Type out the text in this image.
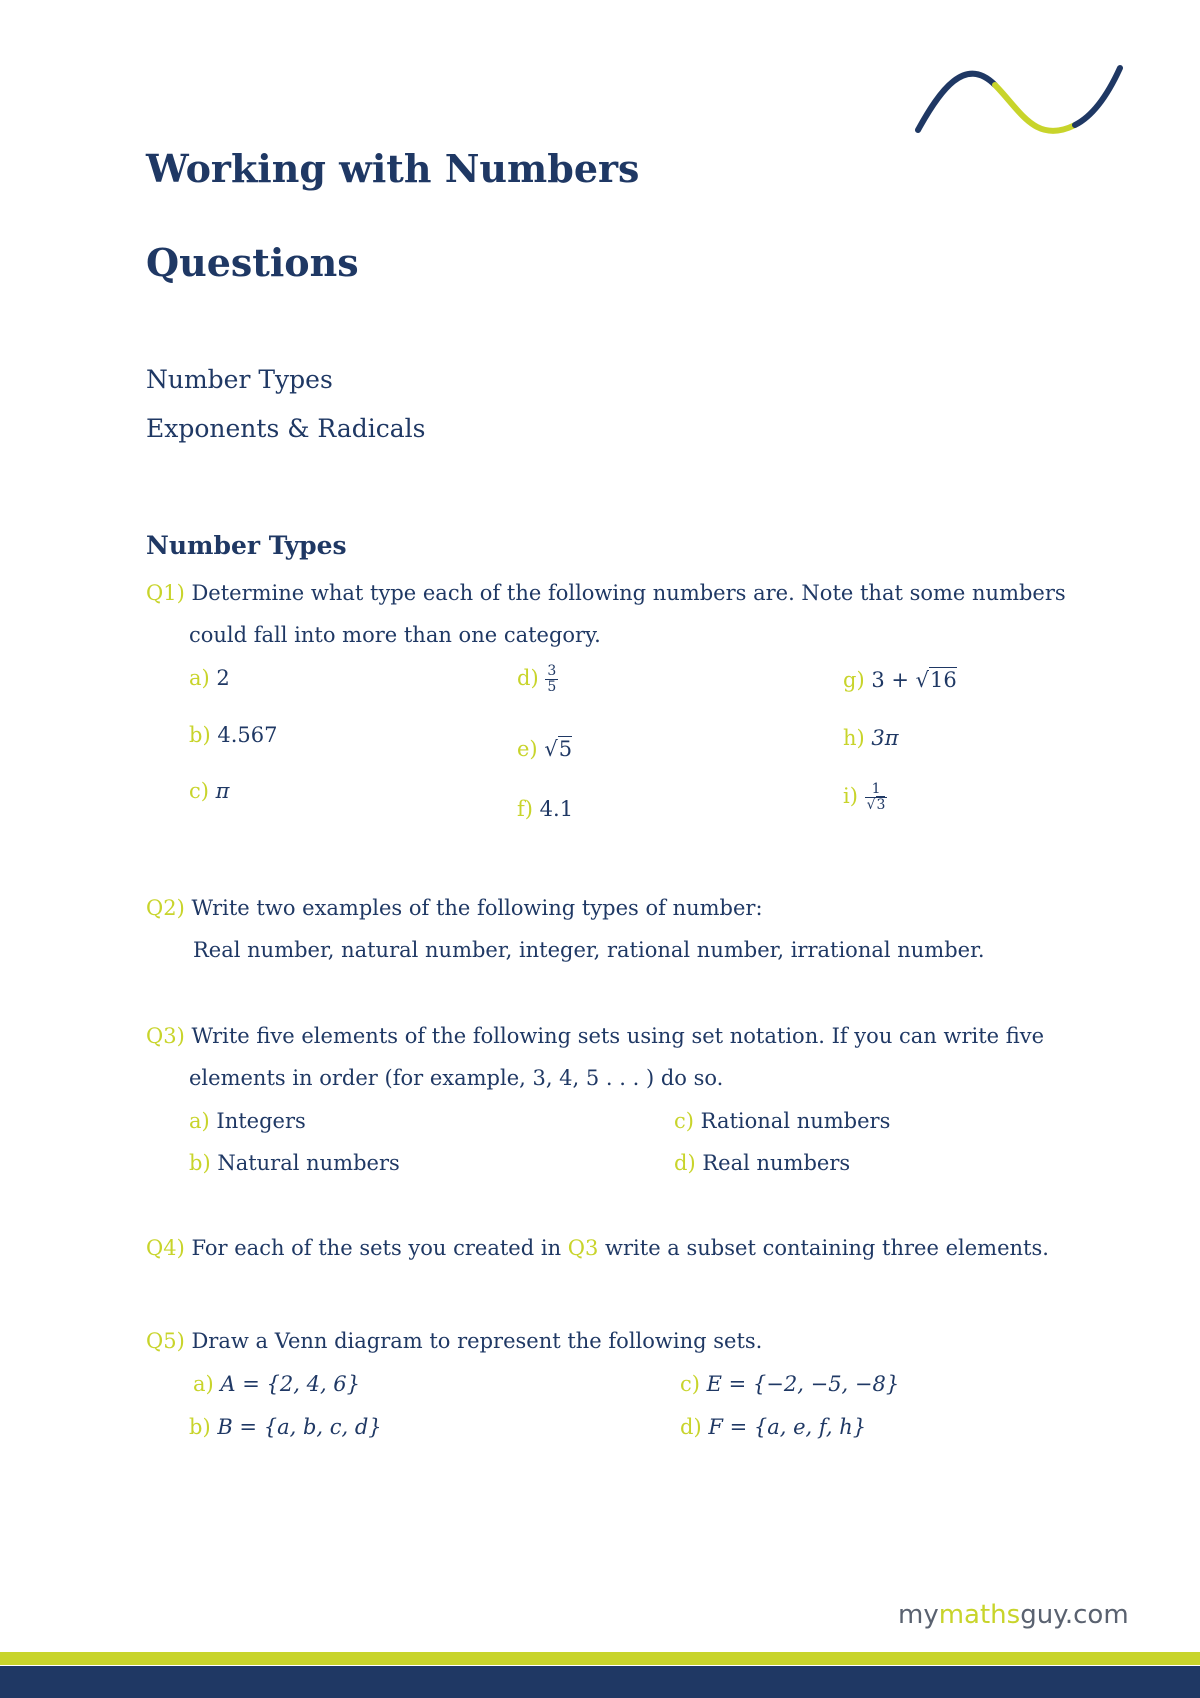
Working with Numbers
Questions
Number Types
Exponents & Radicals
Number Types
Q1) Determine what type each of the following numbers are. Note that some numbers
could fall into more than one category.
a) 2
b) 4.567
c) π
$d) \frac{3}{5}$
e) √5
f) 4.1
g) 3 + √16
h) 3π
$i) \frac{1}{√3}$
Q2) Write two examples of the following types of number:
Real number, natural number, integer, rational number, irrational number.
Q3) Write five elements of the following sets using set notation. If you can write five
elements in order (for example, 3, 4, 5 . . . ) do so.
a) Integers
b) Natural numbers
c) Rational numbers
d) Real numbers
Q4) For each of the sets you created in Q3 write a subset containing three elements.
Q5) Draw a Venn diagram to represent the following sets.
a) A = {2, 4, 6}
b) B = {a, b, c, d}
c) E = {−2, −5, −8}
d) F = {a, e, f, h}
mymathsguy.com
